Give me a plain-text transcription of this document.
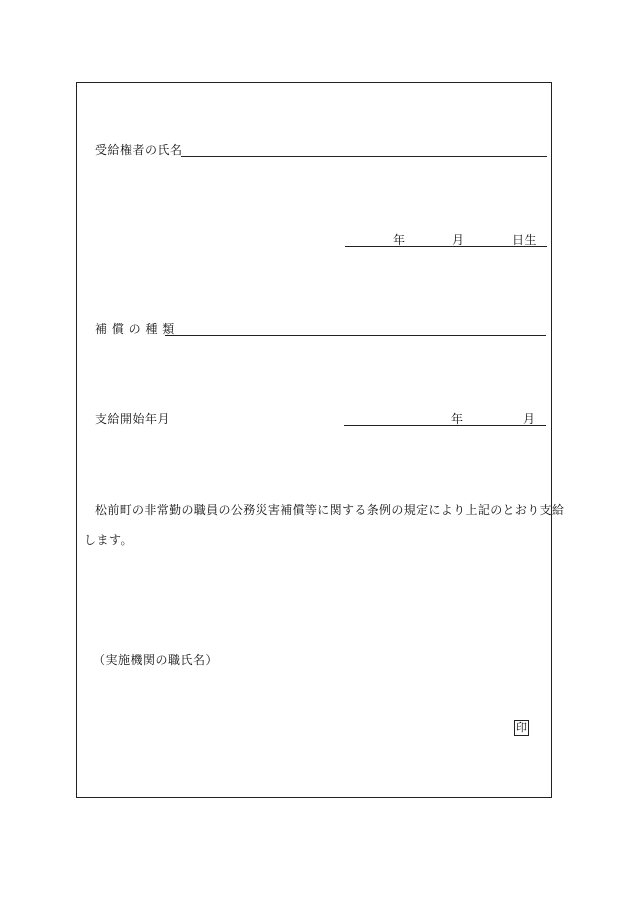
受給権者の氏名
年	月	日生
補 償 の 種 類
支給開始年月	年	月
松前町の非常勤の職員の公務災害補償等に関する条例の規定により上記のとおり支給
します。
（実施機関の職氏名）
印
